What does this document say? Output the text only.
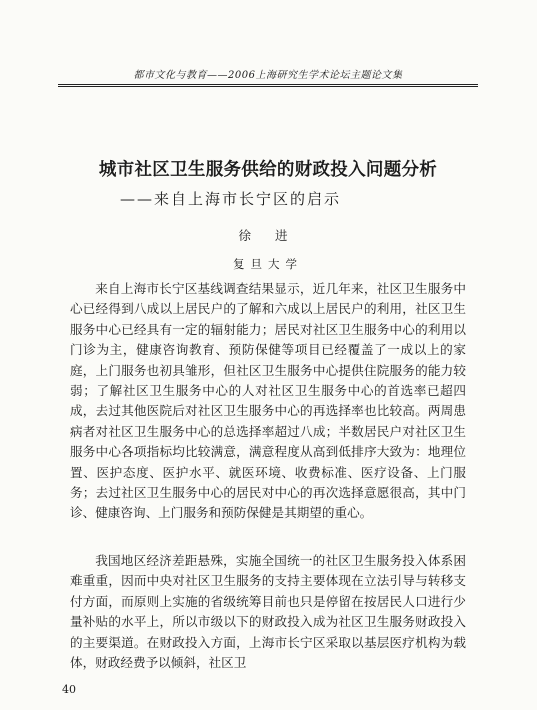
都市文化与教育——2006上海研究生学术论坛主题论文集
城市社区卫生服务供给的财政投入问题分析
——来自上海市长宁区的启示
徐 进
复旦大学

来自上海市长宁区基线调查结果显示，近几年来，社区卫生服务中心已经得到八成以上居民户的了解和六成以上居民户的利用，社区卫生服务中心已经具有一定的辐射能力；居民对社区卫生服务中心的利用以门诊为主，健康咨询教育、预防保健等项目已经覆盖了一成以上的家庭，上门服务也初具雏形，但社区卫生服务中心提供住院服务的能力较弱；了解社区卫生服务中心的人对社区卫生服务中心的首选率已超四成，去过其他医院后对社区卫生服务中心的再选择率也比较高。两周患病者对社区卫生服务中心的总选择率超过八成；半数居民户对社区卫生服务中心各项指标均比较满意，满意程度从高到低排序大致为：地理位置、医护态度、医护水平、就医环境、收费标准、医疗设备、上门服务；去过社区卫生服务中心的居民对中心的再次选择意愿很高，其中门诊、健康咨询、上门服务和预防保健是其期望的重心。

我国地区经济差距悬殊，实施全国统一的社区卫生服务投入体系困难重重，因而中央对社区卫生服务的支持主要体现在立法引导与转移支付方面，而原则上实施的省级统筹目前也只是停留在按居民人口进行少量补贴的水平上，所以市级以下的财政投入成为社区卫生服务财政投入的主要渠道。在财政投入方面，上海市长宁区采取以基层医疗机构为载体，财政经费予以倾斜，社区卫

40
